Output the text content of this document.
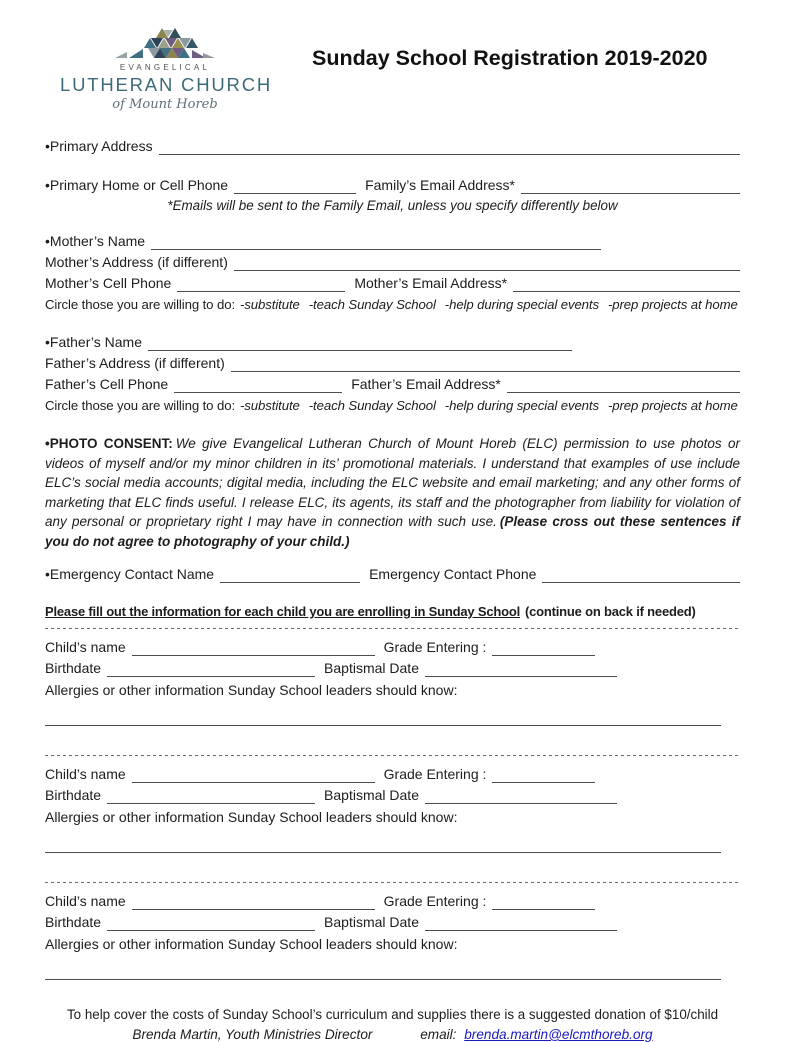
EVANGELICAL
LUTHERAN CHURCH
of Mount Horeb
Sunday School Registration 2019-2020
•Primary Address
•Primary Home or Cell Phone	Family’s Email Address*
*Emails will be sent to the Family Email, unless you specify differently below
•Mother’s Name
Mother’s Address (if different)
Mother’s Cell Phone	Mother’s Email Address*
Circle those you are willing to do: -substitute -teach Sunday School -help during special events -prep projects at home
•Father’s Name
Father’s Address (if different)
Father’s Cell Phone	Father’s Email Address*
Circle those you are willing to do: -substitute -teach Sunday School -help during special events -prep projects at home

•PHOTO CONSENT: We give Evangelical Lutheran Church of Mount Horeb (ELC) permission to use photos or videos of myself and/or my minor children in its’ promotional materials. I understand that examples of use include ELC’s social media accounts; digital media, including the ELC website and email marketing; and any other forms of marketing that ELC finds useful. I release ELC, its agents, its staff and the photographer from liability for violation of any personal or proprietary right I may have in connection with such use. (Please cross out these sentences if you do not agree to photography of your child.)

•Emergency Contact Name	Emergency Contact Phone
Please fill out the information for each child you are enrolling in Sunday School (continue on back if needed)
Child’s name	Grade Entering :
Birthdate	Baptismal Date
Allergies or other information Sunday School leaders should know:
Child’s name	Grade Entering :
Birthdate	Baptismal Date
Allergies or other information Sunday School leaders should know:
Child’s name	Grade Entering :
Birthdate	Baptismal Date
Allergies or other information Sunday School leaders should know:
To help cover the costs of Sunday School’s curriculum and supplies there is a suggested donation of $10/child
Brenda Martin, Youth Ministries Director	email: brenda.martin@elcmthoreb.org
